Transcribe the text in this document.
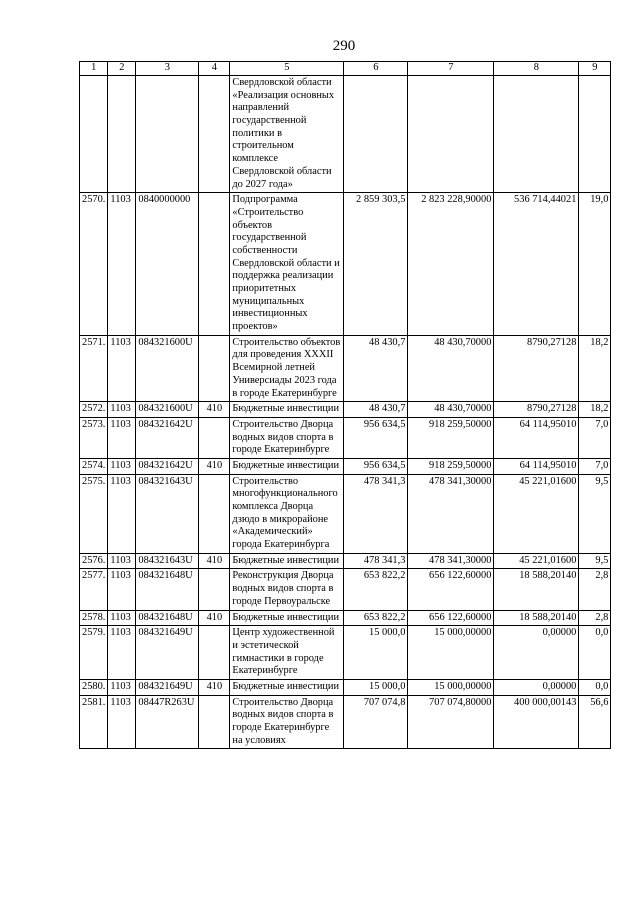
290
1	2	3	4	5	6	7	8	9
				Свердловской области «Реализация основных направлений государственной политики в строительном комплексе Свердловской области до 2027 года»				
2570.	1103	0840000000		Подпрограмма «Строительство объектов государственной собственности Свердловской области и поддержка реализации приоритетных муниципальных инвестиционных проектов»	2 859 303,5	2 823 228,90000	536 714,44021	19,0
2571.	1103	084321600U		Строительство объектов для проведения XXXII Всемирной летней Универсиады 2023 года в городе Екатеринбурге	48 430,7	48 430,70000	8790,27128	18,2
2572.	1103	084321600U	410	Бюджетные инвестиции	48 430,7	48 430,70000	8790,27128	18,2
2573.	1103	084321642U		Строительство Дворца водных видов спорта в городе Екатеринбурге	956 634,5	918 259,50000	64 114,95010	7,0
2574.	1103	084321642U	410	Бюджетные инвестиции	956 634,5	918 259,50000	64 114,95010	7,0
2575.	1103	084321643U		Строительство многофункционального комплекса Дворца дзюдо в микрорайоне «Академический» города Екатеринбурга	478 341,3	478 341,30000	45 221,01600	9,5
2576.	1103	084321643U	410	Бюджетные инвестиции	478 341,3	478 341,30000	45 221,01600	9,5
2577.	1103	084321648U		Реконструкция Дворца водных видов спорта в городе Первоуральске	653 822,2	656 122,60000	18 588,20140	2,8
2578.	1103	084321648U	410	Бюджетные инвестиции	653 822,2	656 122,60000	18 588,20140	2,8
2579.	1103	084321649U		Центр художественной и эстетической гимнастики в городе Екатеринбурге	15 000,0	15 000,00000	0,00000	0,0
2580.	1103	084321649U	410	Бюджетные инвестиции	15 000,0	15 000,00000	0,00000	0,0
2581.	1103	08447R263U		Строительство Дворца водных видов спорта в городе Екатеринбурге на условиях	707 074,8	707 074,80000	400 000,00143	56,6
